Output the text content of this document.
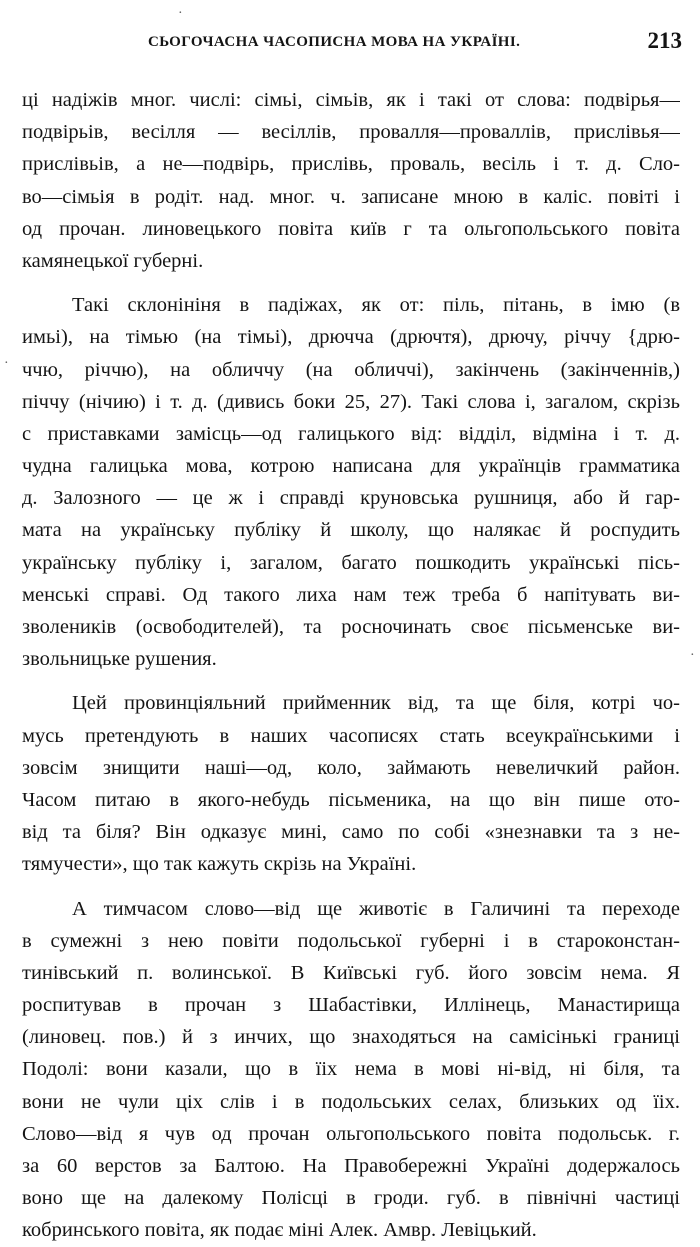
СЬОГОЧАСНА ЧАСОПИСНА МОВА НА УКРАЇНІ.	213
·
·
·
ці надіжів мног. числі: сімьі, сімьів, як і такі от слова: подвірья—
подвірьів, весілля — весіллів, провалля—проваллів, прислівья—
прислівьів, а не—подвірь, прислівь, проваль, весіль і т. д. Сло-
во—сімьія в родіт. над. мног. ч. записане мною в каліс. повіті і
од прочан. линовецького повіта київ г та ольгопольського повіта
камянецької губерні.
Такі склонініня в падіжах, як от: піль, пітань, в імю (в
имьі), на тімью (на тімьі), дрючча (дрючтя), дрючу, річчу {дрю-
ччю, річчю), на обличчу (на обличчі), закінчень (закінченнів,)
піччу (нічию) і т. д. (дивись боки 25, 27). Такі слова і, загалом, скрізь
с приставками замісць—од галицького від: відділ, відміна і т. д.
чудна галицька мова, котрою написана для українців грамматика
д. Залозного — це ж і справді круновська рушниця, або й гар-
мата на українську публіку й школу, що налякає й роспудить
українську публіку і, загалом, багато пошкодить українські пісь-
менські справі. Од такого лиха нам теж треба б напітувать ви-
зволеників (освободителей), та росночинать своє пісьменське ви-
звольницьке рушения.
Цей провинціяльний прийменник від, та ще біля, котрі чо-
мусь претендують в наших часописях стать всеукраїнськими і
зовсім знищити наші—од, коло, займають невеличкий район.
Часом питаю в якого-небудь пісьменика, на що він пише ото-
від та біля? Він одказує мині, само по собі «знезнавки та з не-
тямучести», що так кажуть скрізь на Україні.
А тимчасом слово—від ще животіє в Галичині та переходе
в сумежні з нею повіти подольської губерні і в староконстан-
тинівський п. волинської. В Київські губ. його зовсім нема. Я
роспитував в прочан з Шабастівки, Иллінець, Манастирища
(линовец. пов.) й з инчих, що знаходяться на самісінькі границі
Подолі: вони казали, що в їіх нема в мові ні-від, ні біля, та
вони не чули ціх слів і в подольських селах, близьких од їіх.
Слово—від я чув од прочан ольгопольського повіта подольськ. г.
за 60 верстов за Балтою. На Правобережні Україні додержалось
воно ще на далекому Полісці в гроди. губ. в північні частиці
кобринського повіта, як подає міні Алек. Амвр. Левіцький.
